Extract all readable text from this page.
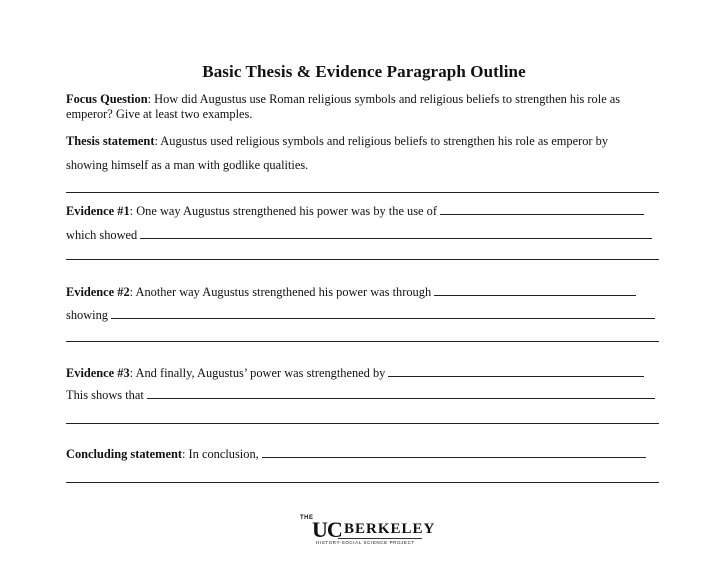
Basic Thesis & Evidence Paragraph Outline
Focus Question: How did Augustus use Roman religious symbols and religious beliefs to strengthen his role as
emperor? Give at least two examples.
Thesis statement: Augustus used religious symbols and religious beliefs to strengthen his role as emperor by
showing himself as a man with godlike qualities.
Evidence #1: One way Augustus strengthened his power was by the use of
which showed
Evidence #2: Another way Augustus strengthened his power was through
showing
Evidence #3: And finally, Augustus’ power was strengthened by
This shows that
Concluding statement: In conclusion,
THE
UC BERKELEY
HISTORY-SOCIAL SCIENCE PROJECT
